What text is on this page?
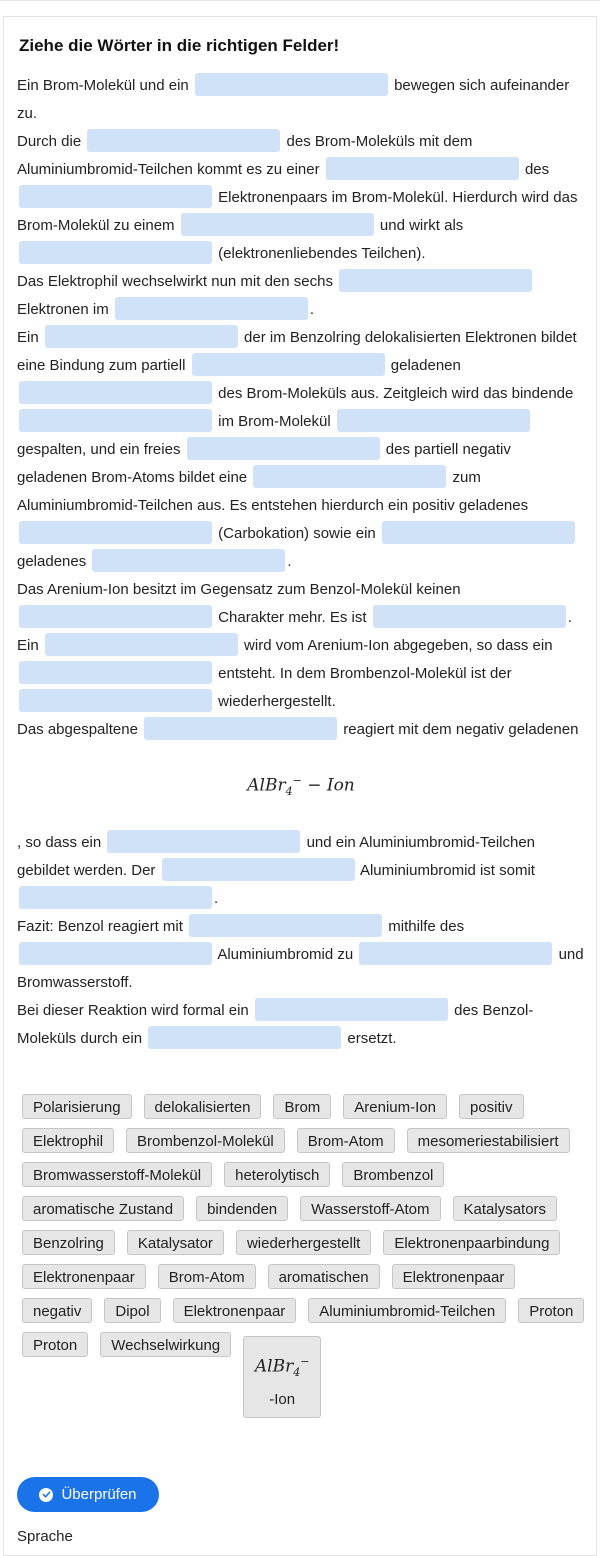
Ziehe die Wörter in die richtigen Felder!

Ein Brom-Molekül und ein	bewegen sich aufeinander zu.

Durch die	des Brom-Moleküls mit dem Aluminiumbromid-Teilchen kommt es zu einer	des  Elektronenpaars im Brom-Molekül. Hierdurch wird das Brom-Molekül zu einem	und wirkt als  (elektronenliebendes Teilchen).

Das Elektrophil wechselwirkt nun mit den sechs  Elektronen im	.

Ein	der im Benzolring delokalisierten Elektronen bildet eine Bindung zum partiell	geladenen  des Brom-Moleküls aus. Zeitgleich wird das bindende  im Brom-Molekül  gespalten, und ein freies	des partiell negativ geladenen Brom-Atoms bildet eine	zum Aluminiumbromid-Teilchen aus. Es entstehen hierdurch ein positiv geladenes  (Carbokation) sowie ein  geladenes	.

Das Arenium-Ion besitzt im Gegensatz zum Benzol-Molekül keinen  Charakter mehr. Es ist	.

Ein	wird vom Arenium-Ion abgegeben, so dass ein  entsteht. In dem Brombenzol-Molekül ist der  wiederhergestellt.

Das abgespaltene	reagiert mit dem negativ geladenen

AlBr$_4$− − Ion

, so dass ein	und ein Aluminiumbromid-Teilchen gebildet werden. Der	Aluminiumbromid ist somit .

Fazit: Benzol reagiert mit	mithilfe des  Aluminiumbromid zu	und Bromwasserstoff.

Bei dieser Reaktion wird formal ein	des Benzol-Moleküls durch ein	ersetzt.

Polarisierung	delokalisierten	Brom	Arenium-Ion	positiv
Elektrophil	Brombenzol-Molekül	Brom-Atom	mesomeriestabilisiert
Bromwasserstoff-Molekül	heterolytisch	Brombenzol
aromatische Zustand	bindenden	Wasserstoff-Atom	Katalysators
Benzolring	Katalysator	wiederhergestellt	Elektronenpaarbindung
Elektronenpaar	Brom-Atom	aromatischen	Elektronenpaar
negativ	Dipol	Elektronenpaar	Aluminiumbromid-Teilchen	Proton
Proton	Wechselwirkung
AlBr$_4$−
-Ion
Überprüfen
